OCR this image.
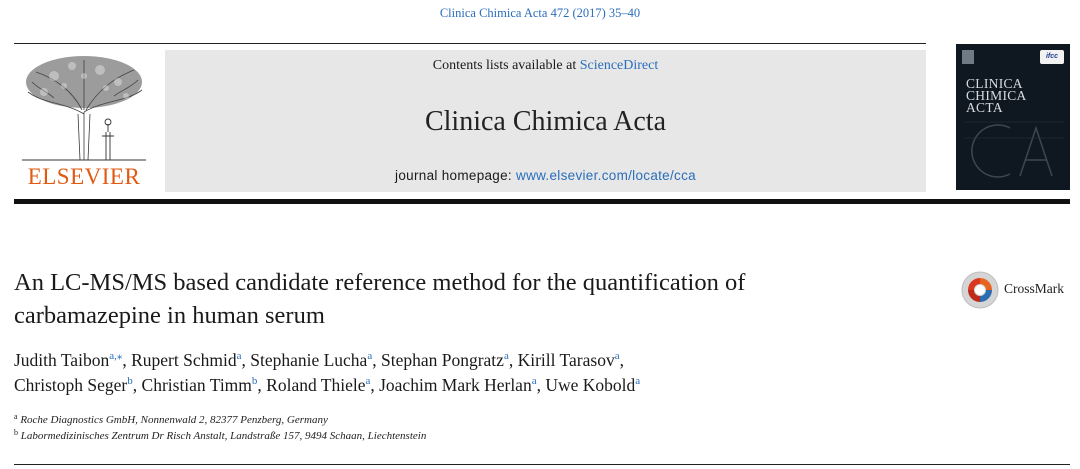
Clinica Chimica Acta 472 (2017) 35–40
ELSEVIER
Contents lists available at ScienceDirect
Clinica Chimica Acta
journal homepage: www.elsevier.com/locate/cca
ifcc
CLINICA
CHIMICA
ACTA
An LC-MS/MS based candidate reference method for the quantification of
carbamazepine in human serum
CrossMark
Judith Taibon$^{a,⁎}$, Rupert Schmid$^a$, Stephanie Lucha$^a$, Stephan Pongratz$^a$, Kirill Tarasov$^a$,
Christoph Seger$^b$, Christian Timm$^b$, Roland Thiele$^a$, Joachim Mark Herlan$^a$, Uwe Kobold$^a$
$^a$ Roche Diagnostics GmbH, Nonnenwald 2, 82377 Penzberg, Germany
$^b$ Labormedizinisches Zentrum Dr Risch Anstalt, Landstraße 157, 9494 Schaan, Liechtenstein
